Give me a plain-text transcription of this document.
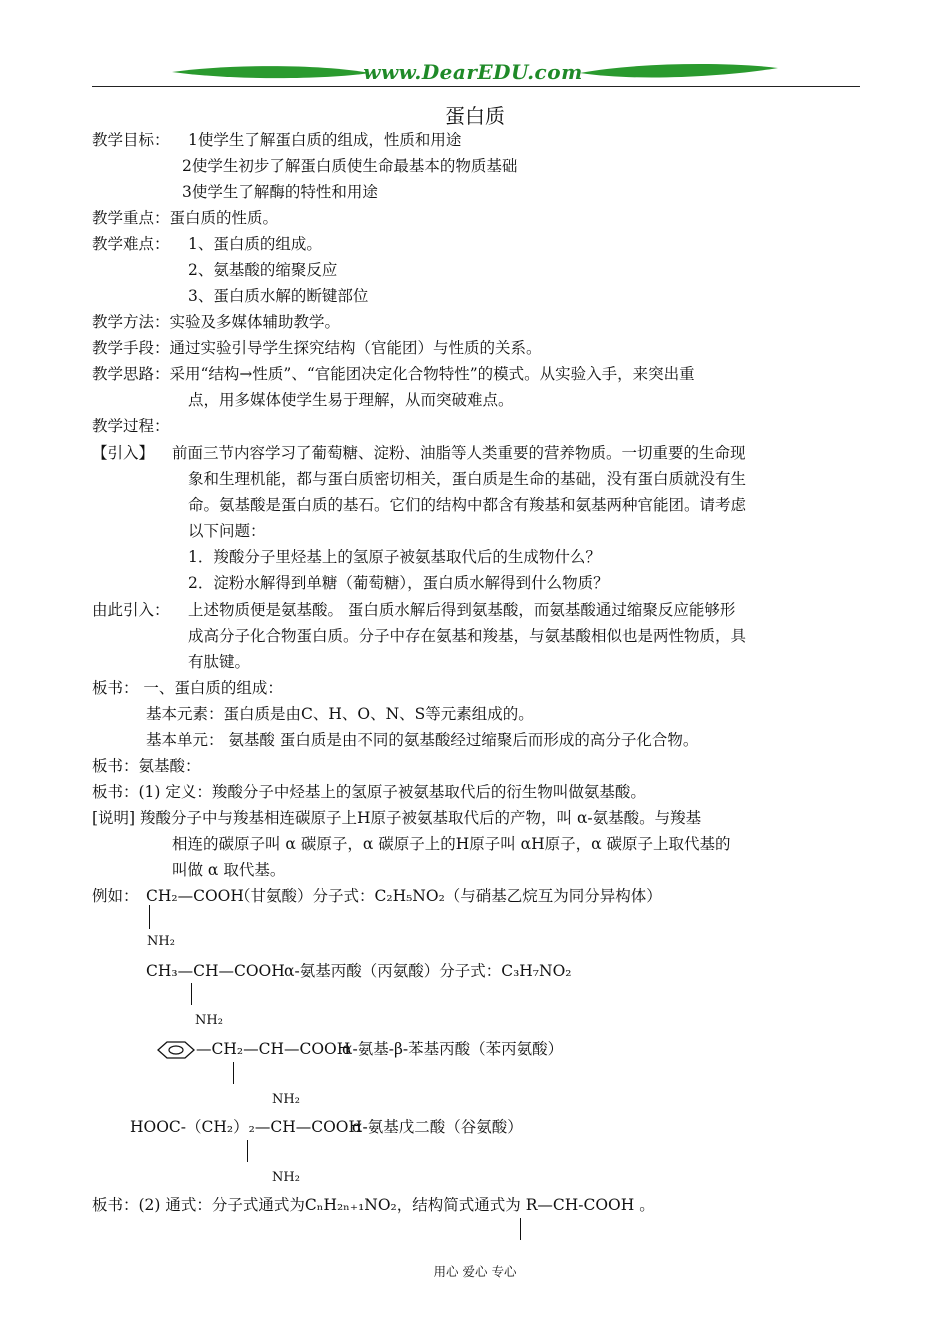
www.DearEDU.com
蛋白质
教学目标： 1使学生了解蛋白质的组成，性质和用途
2使学生初步了解蛋白质使生命最基本的物质基础
3使学生了解酶的特性和用途
教学重点：蛋白质的性质。
教学难点： 1、蛋白质的组成。
2、氨基酸的缩聚反应
3、蛋白质水解的断键部位
教学方法：实验及多媒体辅助教学。
教学手段：通过实验引导学生探究结构（官能团）与性质的关系。
教学思路：采用“结构→性质”、“官能团决定化合物特性”的模式。从实验入手，来突出重
点，用多媒体使学生易于理解，从而突破难点。
教学过程：
【引入】 前面三节内容学习了葡萄糖、淀粉、油脂等人类重要的营养物质。一切重要的生命现
象和生理机能，都与蛋白质密切相关，蛋白质是生命的基础，没有蛋白质就没有生
命。氨基酸是蛋白质的基石。它们的结构中都含有羧基和氨基两种官能团。请考虑
以下问题：
1．羧酸分子里烃基上的氢原子被氨基取代后的生成物什么？
2．淀粉水解得到单糖（葡萄糖），蛋白质水解得到什么物质？
由此引入： 上述物质便是氨基酸。 蛋白质水解后得到氨基酸，而氨基酸通过缩聚反应能够形
成高分子化合物蛋白质。分子中存在氨基和羧基，与氨基酸相似也是两性物质，具
有肽键。
板书： 一、蛋白质的组成：
基本元素：蛋白质是由C、H、O、N、S等元素组成的。
基本单元： 氨基酸 蛋白质是由不同的氨基酸经过缩聚后而形成的高分子化合物。
板书：氨基酸：
板书：(1) 定义：羧酸分子中烃基上的氢原子被氨基取代后的衍生物叫做氨基酸。
[说明] 羧酸分子中与羧基相连碳原子上H原子被氨基取代后的产物，叫 α-氨基酸。与羧基
相连的碳原子叫 α 碳原子，α 碳原子上的H原子叫 αH原子，α 碳原子上取代基的
叫做 α 取代基。
例如： CH₂—COOH
（甘氨酸）分子式：C₂H₅NO₂（与硝基乙烷互为同分异构体）
NH₂
CH₃—CH—COOH α-氨基丙酸（丙氨酸）分子式：C₃H₇NO₂
NH₂
—CH₂—CH—COOH
α-氨基-β-苯基丙酸（苯丙氨酸）
NH₂
HOOC-（CH₂）₂—CH—COOH
α-氨基戊二酸（谷氨酸）
NH₂
板书：(2) 通式：分子式通式为CₙH₂ₙ₊₁NO₂，结构简式通式为 R—CH-COOH 。
用心 爱心 专心
